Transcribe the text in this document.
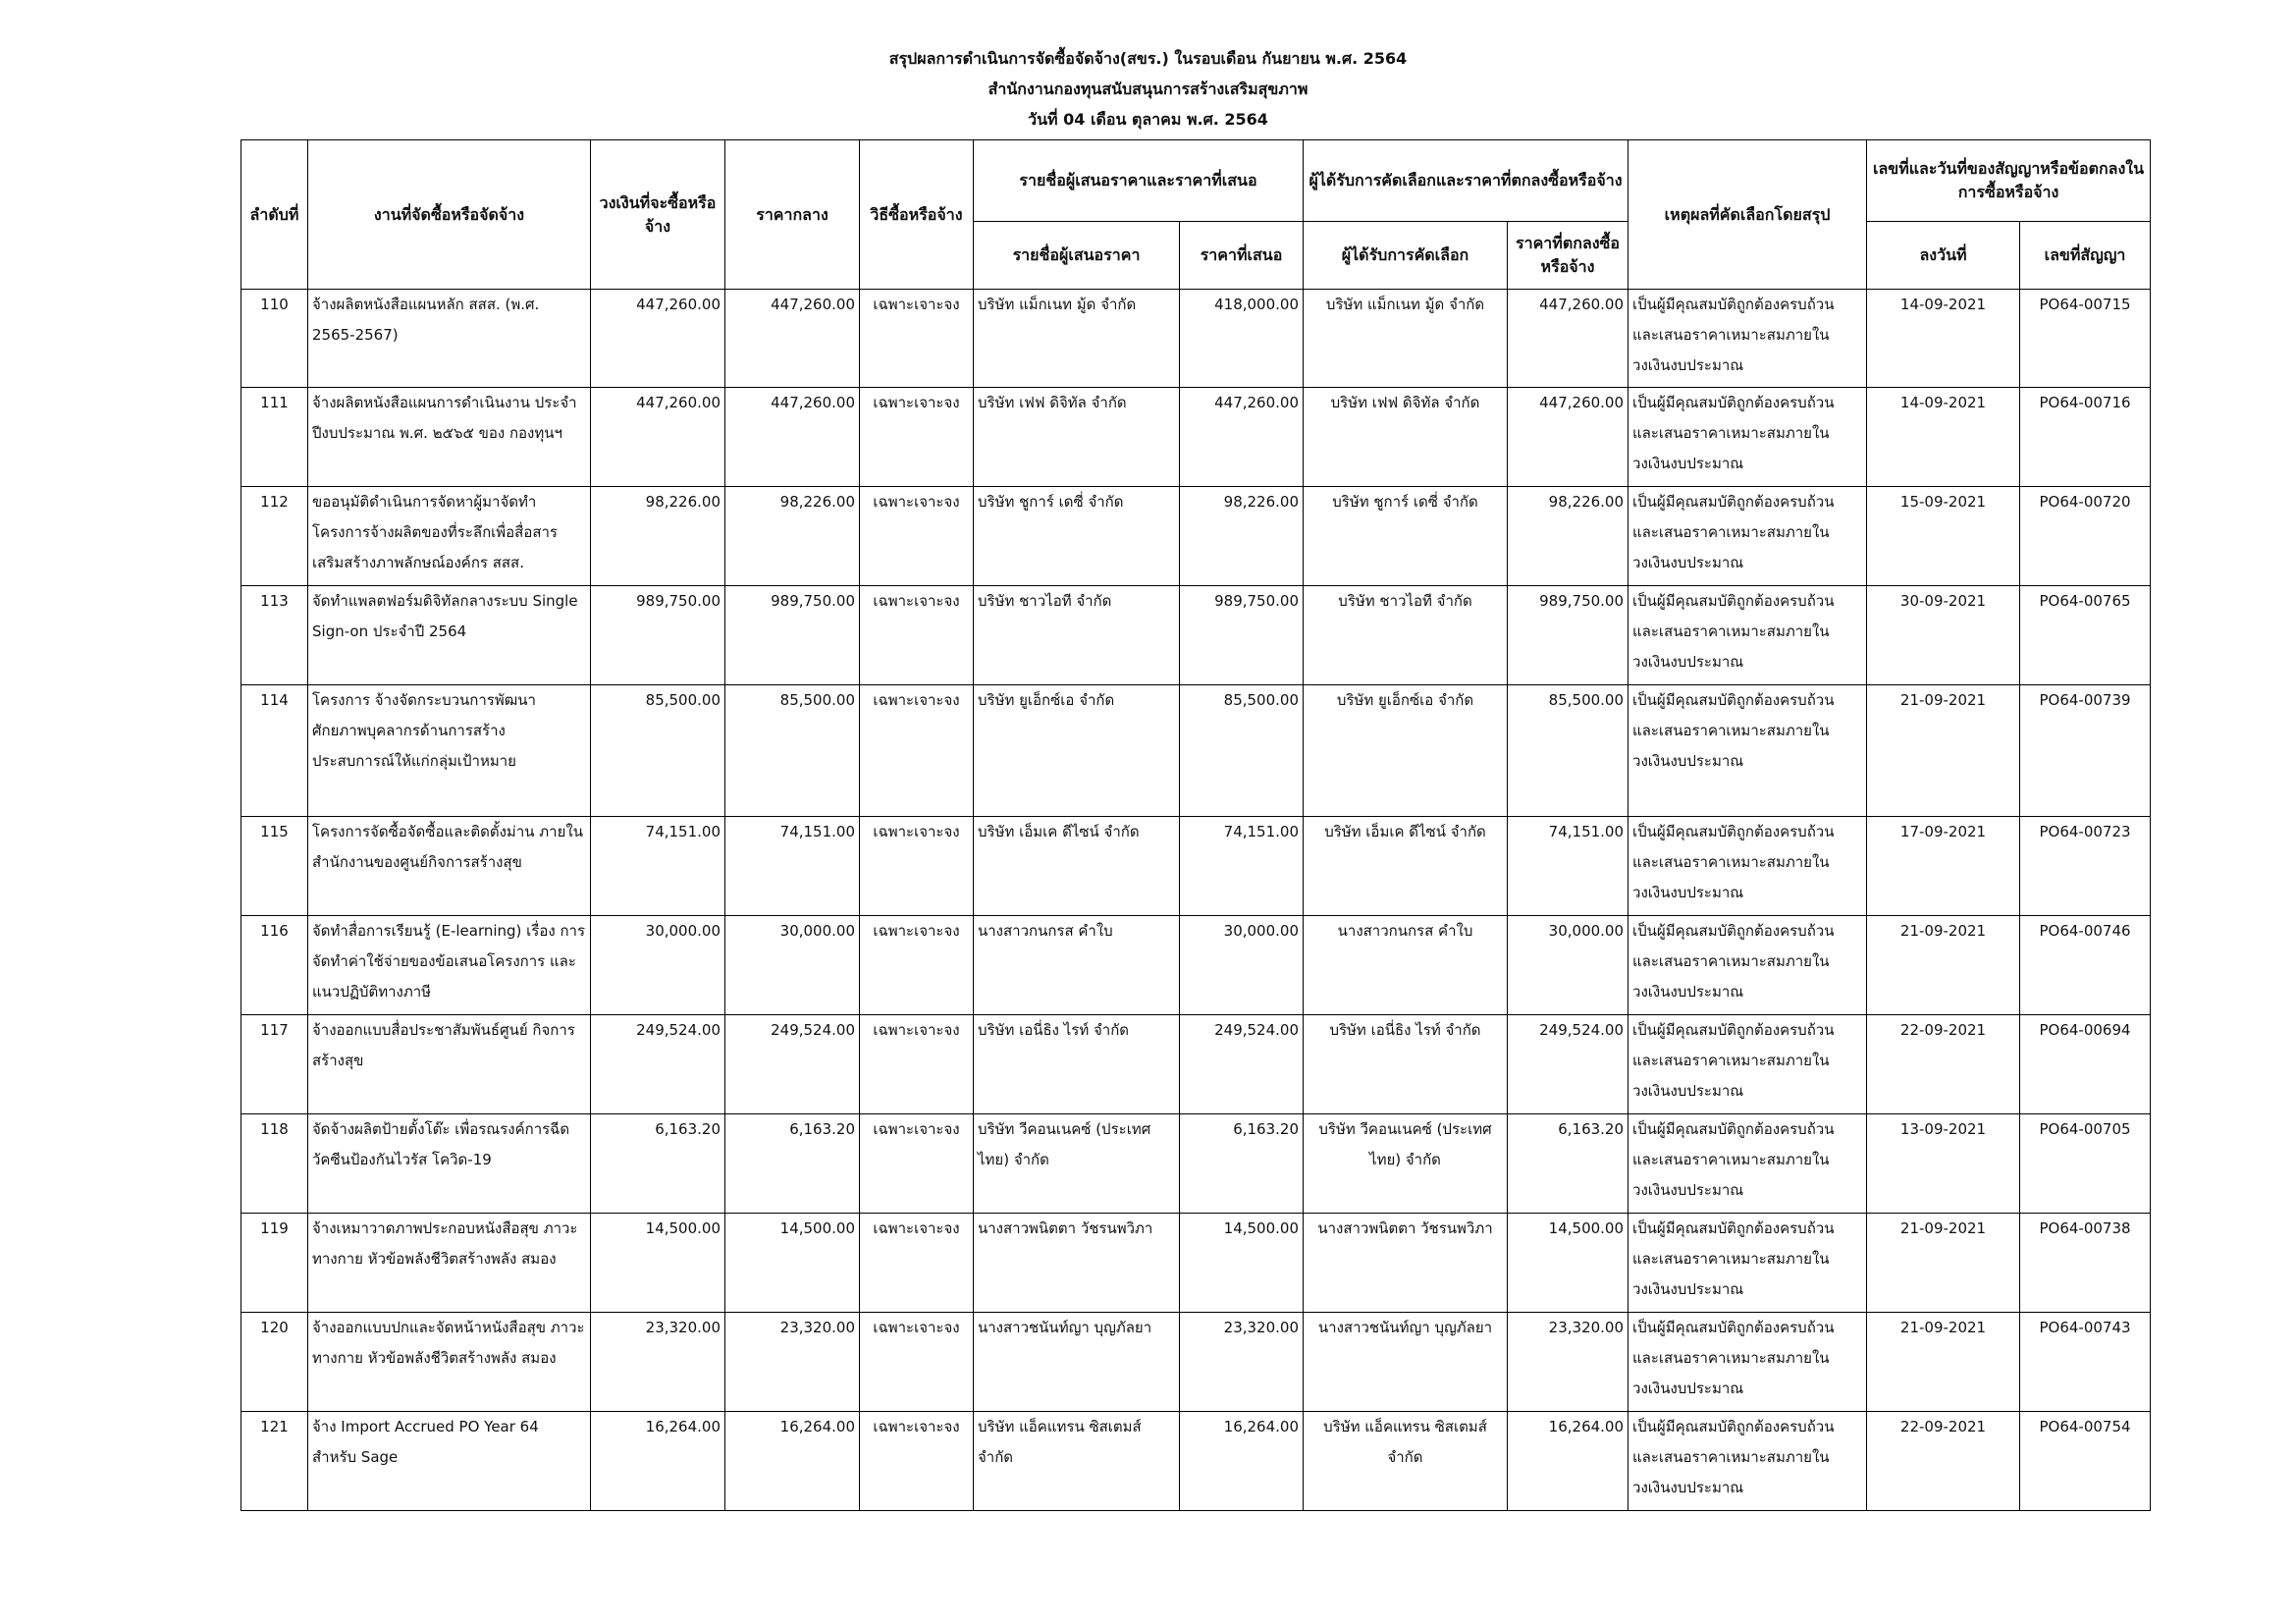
สรุปผลการดำเนินการจัดซื้อจัดจ้าง(สขร.) ในรอบเดือน กันยายน พ.ศ. 2564
สำนักงานกองทุนสนับสนุนการสร้างเสริมสุขภาพ
วันที่ 04 เดือน ตุลาคม พ.ศ. 2564
ลำดับที่	งานที่จัดซื้อหรือจัดจ้าง	วงเงินที่จะซื้อหรือจ้าง	ราคากลาง	วิธีซื้อหรือจ้าง	รายชื่อผู้เสนอราคาและราคาที่เสนอ		ผู้ได้รับการคัดเลือกและราคาที่ตกลงซื้อหรือจ้าง		เหตุผลที่คัดเลือกโดยสรุป	เลขที่และวันที่ของสัญญาหรือข้อตกลงในการซื้อหรือจ้าง	
					รายชื่อผู้เสนอราคา	ราคาที่เสนอ	ผู้ได้รับการคัดเลือก	ราคาที่ตกลงซื้อหรือจ้าง		ลงวันที่	เลขที่สัญญา
110	จ้างผลิตหนังสือแผนหลัก สสส. (พ.ศ. 2565-2567)	447,260.00	447,260.00	เฉพาะเจาะจง	บริษัท แม็กเนท มู้ด จำกัด	418,000.00	บริษัท แม็กเนท มู้ด จำกัด	447,260.00	เป็นผู้มีคุณสมบัติถูกต้องครบถ้วน และเสนอราคาเหมาะสมภายใน วงเงินงบประมาณ	14-09-2021	PO64-00715
111	จ้างผลิตหนังสือแผนการดำเนินงาน ประจำปีงบประมาณ พ.ศ. ๒๕๖๕ ของ กองทุนฯ	447,260.00	447,260.00	เฉพาะเจาะจง	บริษัท เฟฟ ดิจิทัล จำกัด	447,260.00	บริษัท เฟฟ ดิจิทัล จำกัด	447,260.00	เป็นผู้มีคุณสมบัติถูกต้องครบถ้วน และเสนอราคาเหมาะสมภายใน วงเงินงบประมาณ	14-09-2021	PO64-00716
112	ขออนุมัติดำเนินการจัดหาผู้มาจัดทำ โครงการจ้างผลิตของที่ระลึกเพื่อสื่อสาร เสริมสร้างภาพลักษณ์องค์กร สสส.	98,226.00	98,226.00	เฉพาะเจาะจง	บริษัท ชูการ์ เดซี่ จำกัด	98,226.00	บริษัท ชูการ์ เดซี่ จำกัด	98,226.00	เป็นผู้มีคุณสมบัติถูกต้องครบถ้วน และเสนอราคาเหมาะสมภายใน วงเงินงบประมาณ	15-09-2021	PO64-00720
113	จัดทำแพลตฟอร์มดิจิทัลกลางระบบ Single Sign-on ประจำปี 2564	989,750.00	989,750.00	เฉพาะเจาะจง	บริษัท ชาวไอที จำกัด	989,750.00	บริษัท ชาวไอที จำกัด	989,750.00	เป็นผู้มีคุณสมบัติถูกต้องครบถ้วน และเสนอราคาเหมาะสมภายใน วงเงินงบประมาณ	30-09-2021	PO64-00765
114	โครงการ จ้างจัดกระบวนการพัฒนา ศักยภาพบุคลากรด้านการสร้าง ประสบการณ์ให้แก่กลุ่มเป้าหมาย	85,500.00	85,500.00	เฉพาะเจาะจง	บริษัท ยูเอ็กซ์เอ จำกัด	85,500.00	บริษัท ยูเอ็กซ์เอ จำกัด	85,500.00	เป็นผู้มีคุณสมบัติถูกต้องครบถ้วน และเสนอราคาเหมาะสมภายใน วงเงินงบประมาณ	21-09-2021	PO64-00739
115	โครงการจัดซื้อจัดซื้อและติดตั้งม่าน ภายในสำนักงานของศูนย์กิจการสร้างสุข	74,151.00	74,151.00	เฉพาะเจาะจง	บริษัท เอ็มเค ดีไซน์ จำกัด	74,151.00	บริษัท เอ็มเค ดีไซน์ จำกัด	74,151.00	เป็นผู้มีคุณสมบัติถูกต้องครบถ้วน และเสนอราคาเหมาะสมภายใน วงเงินงบประมาณ	17-09-2021	PO64-00723
116	จัดทำสื่อการเรียนรู้ (E-learning) เรื่อง การจัดทำค่าใช้จ่ายของข้อเสนอโครงการ และแนวปฏิบัติทางภาษี	30,000.00	30,000.00	เฉพาะเจาะจง	นางสาวกนกรส คำใบ	30,000.00	นางสาวกนกรส คำใบ	30,000.00	เป็นผู้มีคุณสมบัติถูกต้องครบถ้วน และเสนอราคาเหมาะสมภายใน วงเงินงบประมาณ	21-09-2021	PO64-00746
117	จ้างออกแบบสื่อประชาสัมพันธ์ศูนย์ กิจการสร้างสุข	249,524.00	249,524.00	เฉพาะเจาะจง	บริษัท เอนี่ธิง ไรท์ จำกัด	249,524.00	บริษัท เอนี่ธิง ไรท์ จำกัด	249,524.00	เป็นผู้มีคุณสมบัติถูกต้องครบถ้วน และเสนอราคาเหมาะสมภายใน วงเงินงบประมาณ	22-09-2021	PO64-00694
118	จัดจ้างผลิตป้ายตั้งโต๊ะ เพื่อรณรงค์การฉีด วัคซีนป้องกันไวรัส โควิด-19	6,163.20	6,163.20	เฉพาะเจาะจง	บริษัท วีคอนเนคซ์ (ประเทศ ไทย) จำกัด	6,163.20	บริษัท วีคอนเนคซ์ (ประเทศ ไทย) จำกัด	6,163.20	เป็นผู้มีคุณสมบัติถูกต้องครบถ้วน และเสนอราคาเหมาะสมภายใน วงเงินงบประมาณ	13-09-2021	PO64-00705
119	จ้างเหมาวาดภาพประกอบหนังสือสุข ภาวะทางกาย หัวข้อพลังชีวิตสร้างพลัง สมอง	14,500.00	14,500.00	เฉพาะเจาะจง	นางสาวพนิตตา วัชรนพวิภา	14,500.00	นางสาวพนิตตา วัชรนพวิภา	14,500.00	เป็นผู้มีคุณสมบัติถูกต้องครบถ้วน และเสนอราคาเหมาะสมภายใน วงเงินงบประมาณ	21-09-2021	PO64-00738
120	จ้างออกแบบปกและจัดหน้าหนังสือสุข ภาวะทางกาย หัวข้อพลังชีวิตสร้างพลัง สมอง	23,320.00	23,320.00	เฉพาะเจาะจง	นางสาวชนันท์ญา บุญภัลยา	23,320.00	นางสาวชนันท์ญา บุญภัลยา	23,320.00	เป็นผู้มีคุณสมบัติถูกต้องครบถ้วน และเสนอราคาเหมาะสมภายใน วงเงินงบประมาณ	21-09-2021	PO64-00743
121	จ้าง Import Accrued PO Year 64 สำหรับ Sage	16,264.00	16,264.00	เฉพาะเจาะจง	บริษัท แอ็คแทรน ซิสเตมส์ จำกัด	16,264.00	บริษัท แอ็คแทรน ซิสเตมส์ จำกัด	16,264.00	เป็นผู้มีคุณสมบัติถูกต้องครบถ้วน และเสนอราคาเหมาะสมภายใน วงเงินงบประมาณ	22-09-2021	PO64-00754
